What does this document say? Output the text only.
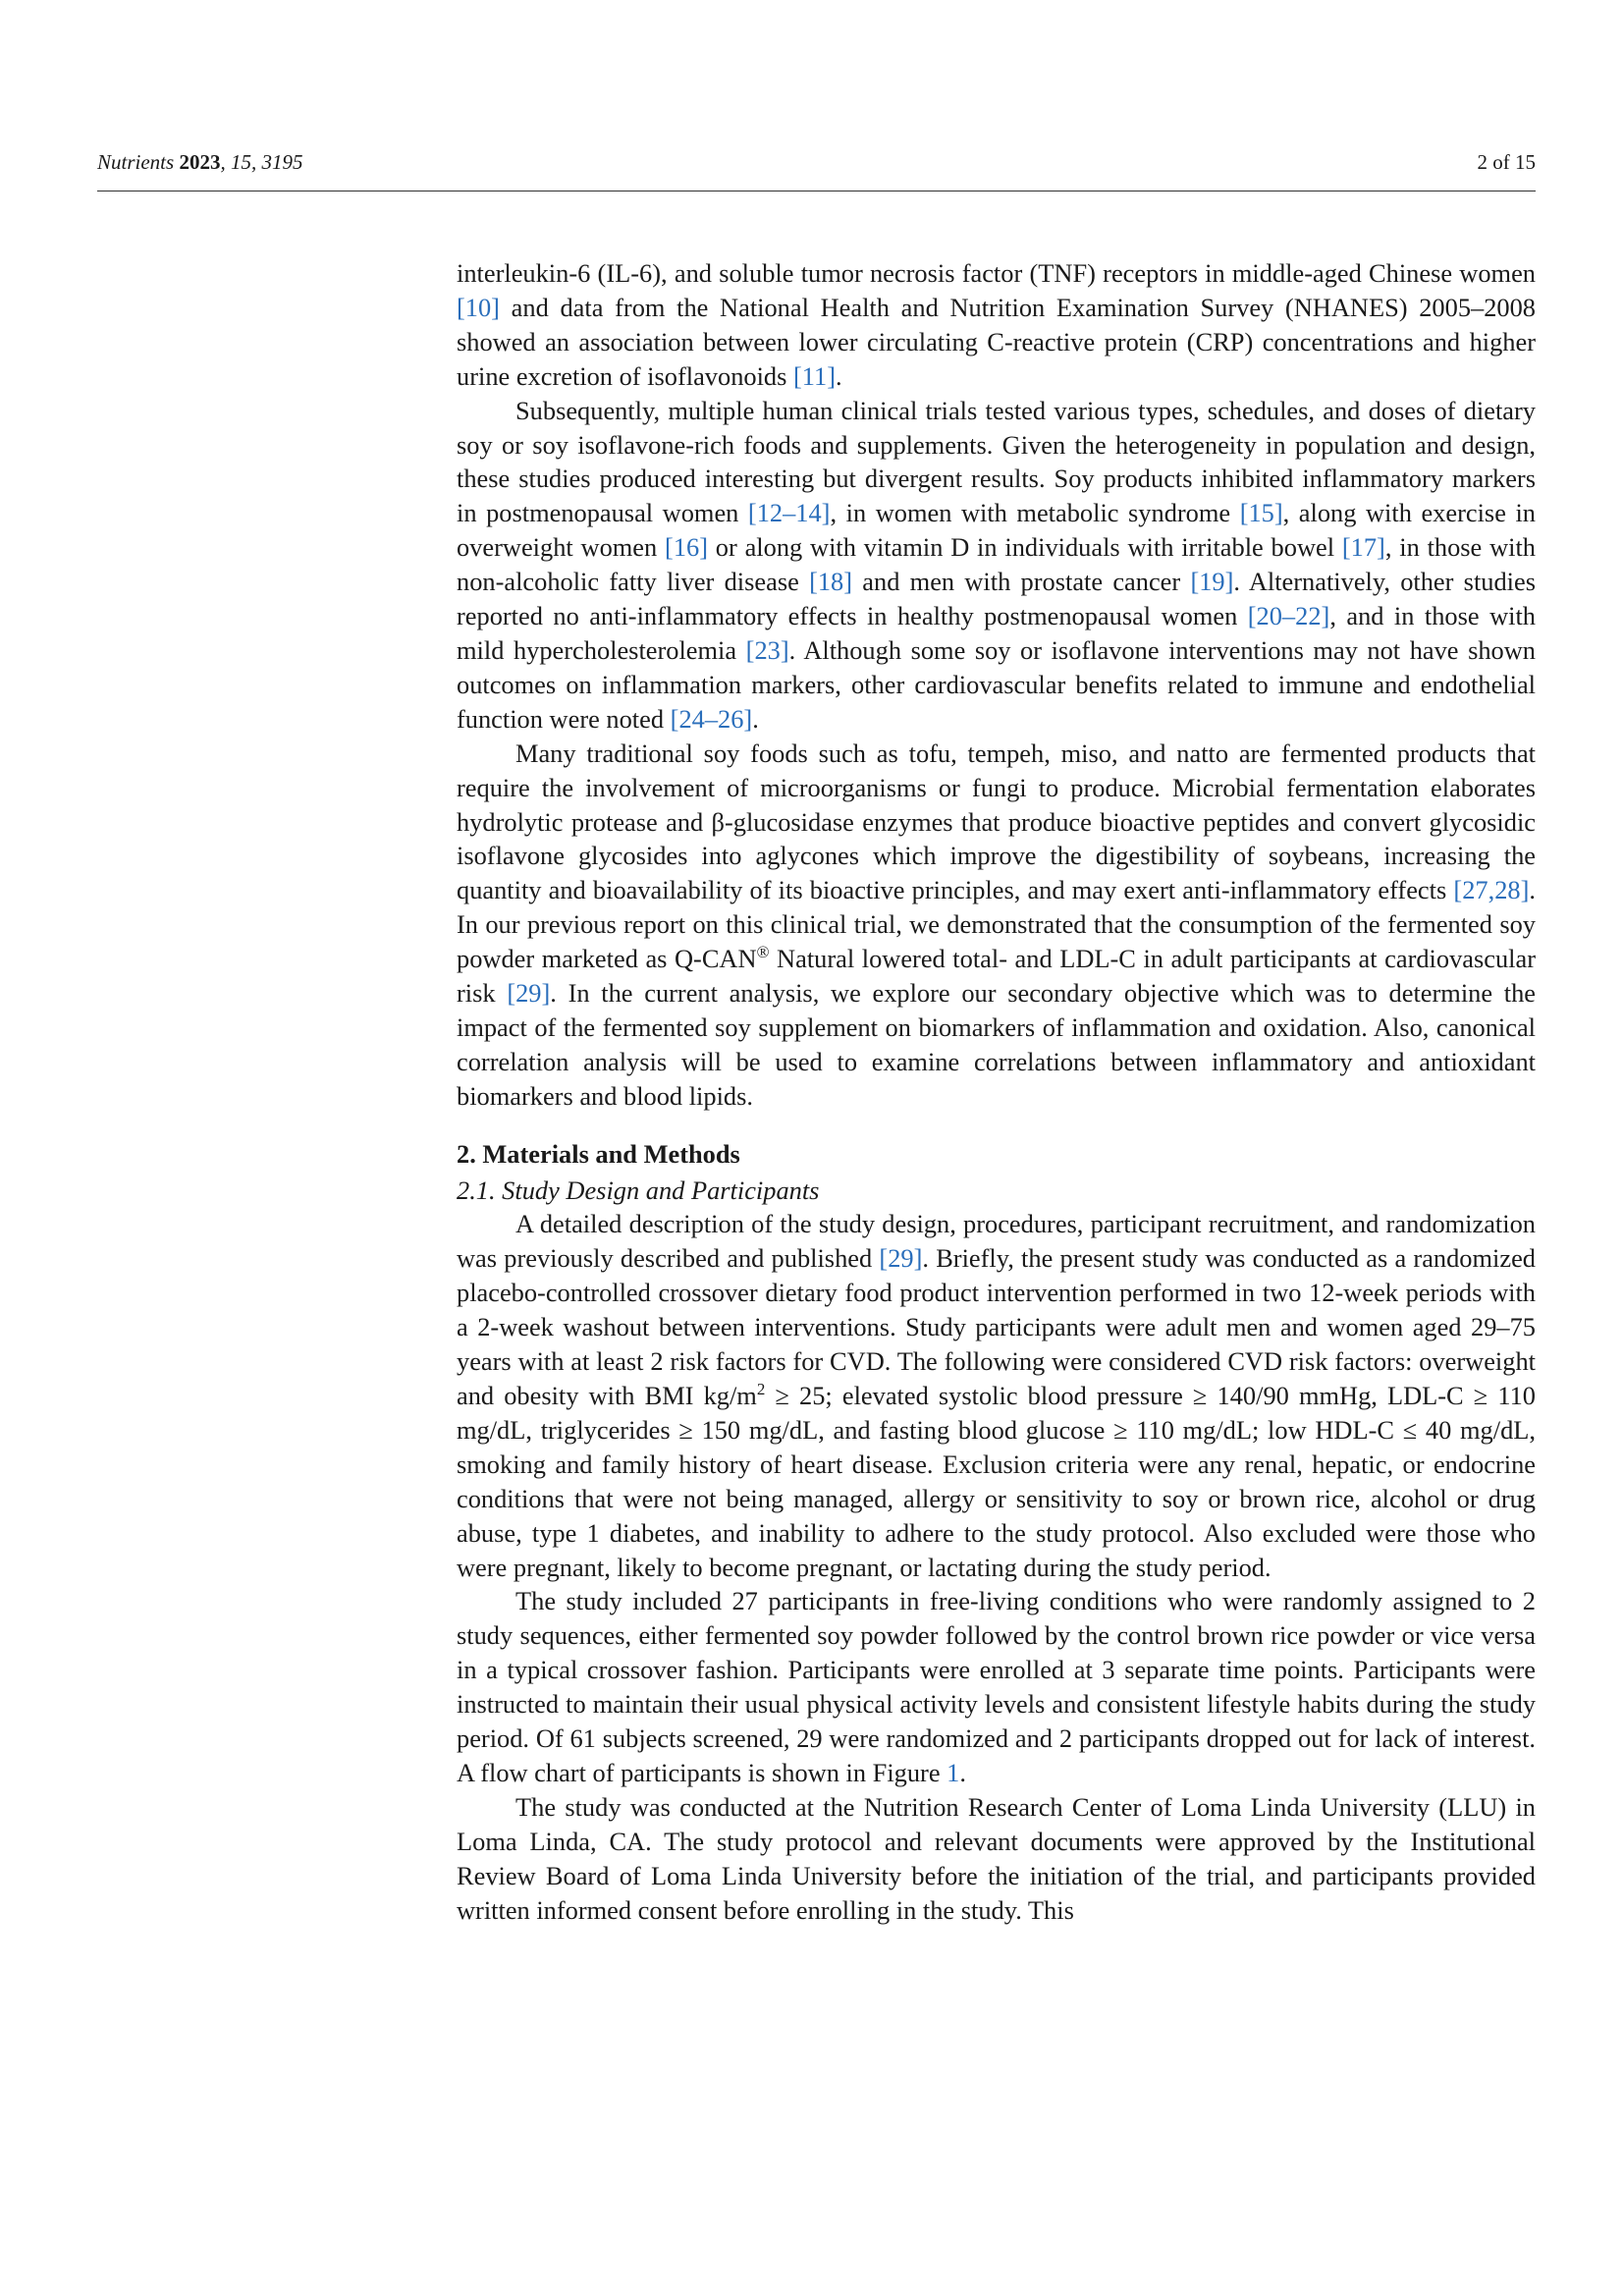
Nutrients 2023, 15, 3195	2 of 15

interleukin-6 (IL-6), and soluble tumor necrosis factor (TNF) receptors in middle-aged Chinese women [10] and data from the National Health and Nutrition Examination Survey (NHANES) 2005–2008 showed an association between lower circulating C-reactive protein (CRP) concentrations and higher urine excretion of isoflavonoids [11].

Subsequently, multiple human clinical trials tested various types, schedules, and doses of dietary soy or soy isoflavone-rich foods and supplements. Given the heterogeneity in population and design, these studies produced interesting but divergent results. Soy products inhibited inflammatory markers in postmenopausal women [12–14], in women with metabolic syndrome [15], along with exercise in overweight women [16] or along with vitamin D in individuals with irritable bowel [17], in those with non-alcoholic fatty liver disease [18] and men with prostate cancer [19]. Alternatively, other studies reported no anti-inflammatory effects in healthy postmenopausal women [20–22], and in those with mild hypercholesterolemia [23]. Although some soy or isoflavone interventions may not have shown outcomes on inflammation markers, other cardiovascular benefits related to immune and endothelial function were noted [24–26].

Many traditional soy foods such as tofu, tempeh, miso, and natto are fermented products that require the involvement of microorganisms or fungi to produce. Microbial fermentation elaborates hydrolytic protease and β-glucosidase enzymes that produce bioactive peptides and convert glycosidic isoflavone glycosides into aglycones which improve the digestibility of soybeans, increasing the quantity and bioavailability of its bioactive principles, and may exert anti-inflammatory effects [27,28]. In our previous report on this clinical trial, we demonstrated that the consumption of the fermented soy powder marketed as Q-CAN® Natural lowered total- and LDL-C in adult participants at cardiovascular risk [29]. In the current analysis, we explore our secondary objective which was to determine the impact of the fermented soy supplement on biomarkers of inflammation and oxidation. Also, canonical correlation analysis will be used to examine correlations between inflammatory and antioxidant biomarkers and blood lipids.

2. Materials and Methods
2.1. Study Design and Participants

A detailed description of the study design, procedures, participant recruitment, and randomization was previously described and published [29]. Briefly, the present study was conducted as a randomized placebo-controlled crossover dietary food product intervention performed in two 12-week periods with a 2-week washout between interventions. Study participants were adult men and women aged 29–75 years with at least 2 risk factors for CVD. The following were considered CVD risk factors: overweight and obesity with BMI $kg/m^2 \ge 25$; elevated systolic blood pressure ≥ 140/90 mmHg, LDL-C ≥ 110 mg/dL, triglycerides ≥ 150 mg/dL, and fasting blood glucose ≥ 110 mg/dL; low HDL-C ≤ 40 mg/dL, smoking and family history of heart disease. Exclusion criteria were any renal, hepatic, or endocrine conditions that were not being managed, allergy or sensitivity to soy or brown rice, alcohol or drug abuse, type 1 diabetes, and inability to adhere to the study protocol. Also excluded were those who were pregnant, likely to become pregnant, or lactating during the study period.

The study included 27 participants in free-living conditions who were randomly assigned to 2 study sequences, either fermented soy powder followed by the control brown rice powder or vice versa in a typical crossover fashion. Participants were enrolled at 3 separate time points. Participants were instructed to maintain their usual physical activity levels and consistent lifestyle habits during the study period. Of 61 subjects screened, 29 were randomized and 2 participants dropped out for lack of interest. A flow chart of participants is shown in Figure 1.

The study was conducted at the Nutrition Research Center of Loma Linda University (LLU) in Loma Linda, CA. The study protocol and relevant documents were approved by the Institutional Review Board of Loma Linda University before the initiation of the trial, and participants provided written informed consent before enrolling in the study. This
